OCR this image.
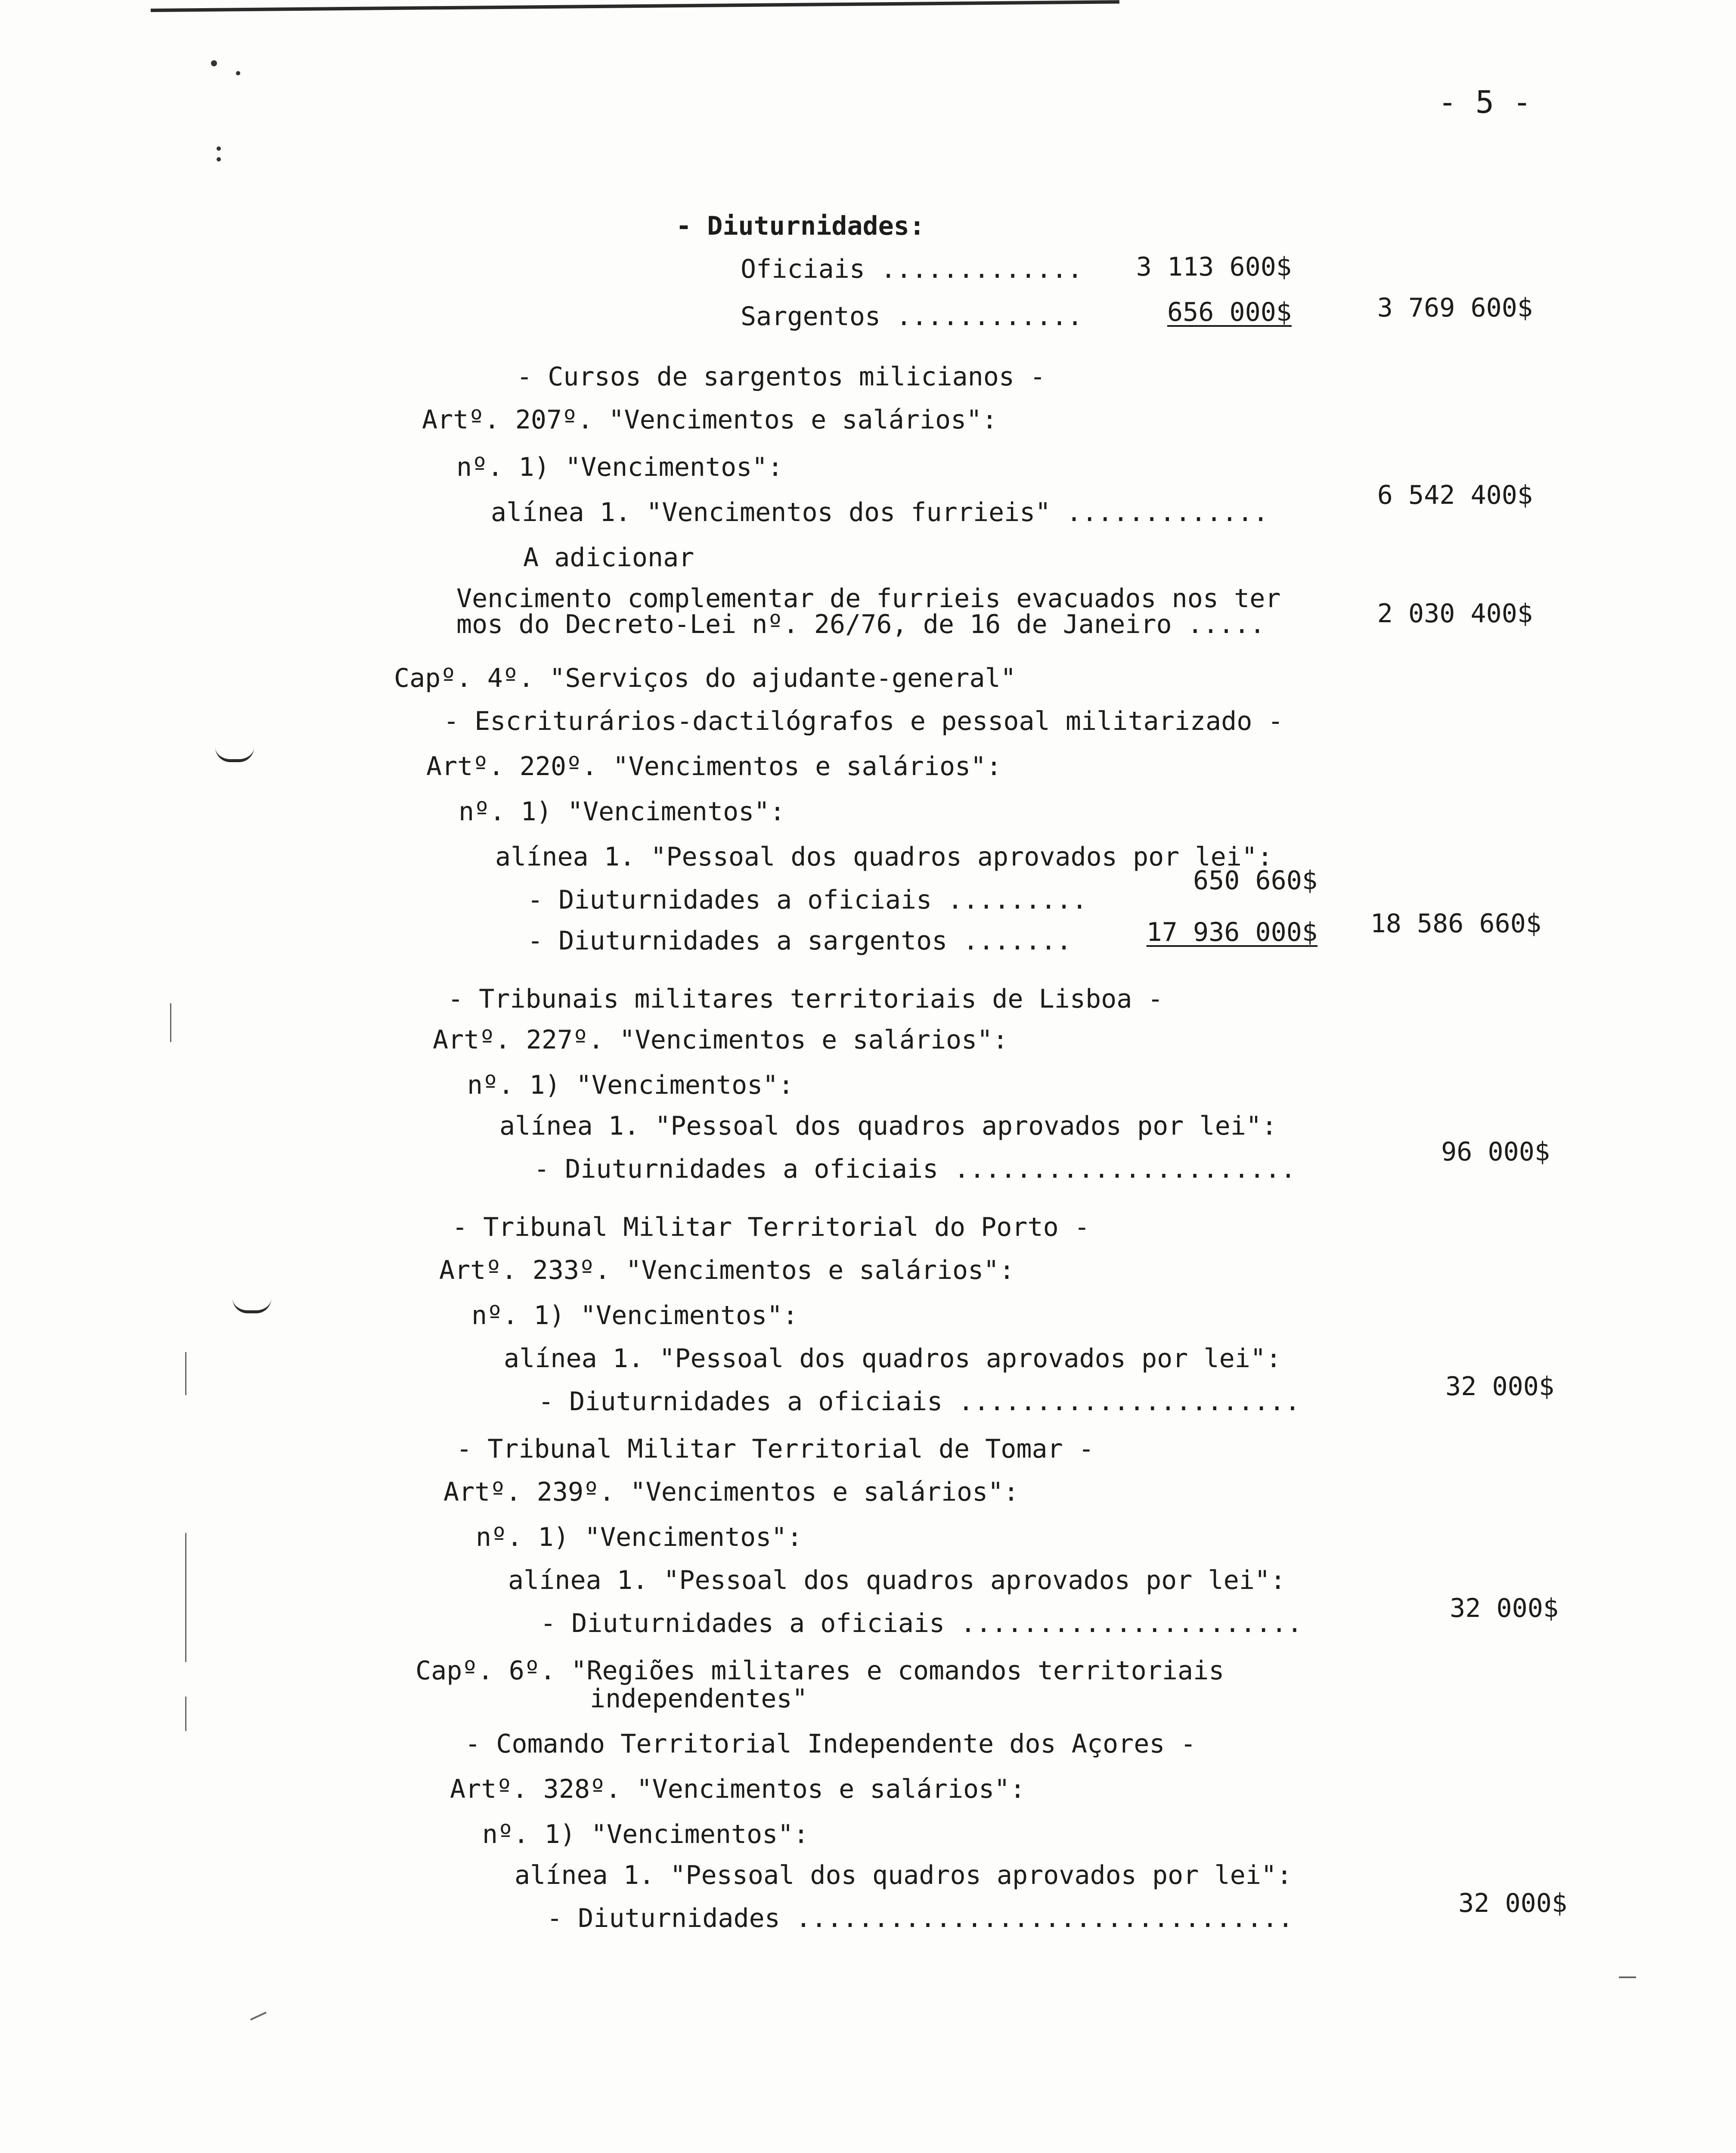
- 5 -
- Diuturnidades:
Oficiais .............
Sargentos ............
- Cursos de sargentos milicianos -
Artº. 207º. "Vencimentos e salários":
nº. 1) "Vencimentos":
alínea 1. "Vencimentos dos furrieis" .............
A adicionar
Vencimento complementar de furrieis evacuados nos ter
mos do Decreto-Lei nº. 26/76, de 16 de Janeiro .....
Capº. 4º. "Serviços do ajudante-general"
- Escriturários-dactilógrafos e pessoal militarizado -
Artº. 220º. "Vencimentos e salários":
nº. 1) "Vencimentos":
alínea 1. "Pessoal dos quadros aprovados por lei":
- Diuturnidades a oficiais .........
- Diuturnidades a sargentos .......
- Tribunais militares territoriais de Lisboa -
Artº. 227º. "Vencimentos e salários":
nº. 1) "Vencimentos":
alínea 1. "Pessoal dos quadros aprovados por lei":
- Diuturnidades a oficiais ......................
- Tribunal Militar Territorial do Porto -
Artº. 233º. "Vencimentos e salários":
nº. 1) "Vencimentos":
alínea 1. "Pessoal dos quadros aprovados por lei":
- Diuturnidades a oficiais ......................
- Tribunal Militar Territorial de Tomar -
Artº. 239º. "Vencimentos e salários":
nº. 1) "Vencimentos":
alínea 1. "Pessoal dos quadros aprovados por lei":
- Diuturnidades a oficiais ......................
Capº. 6º. "Regiões militares e comandos territoriais
independentes"
- Comando Territorial Independente dos Açores -
Artº. 328º. "Vencimentos e salários":
nº. 1) "Vencimentos":
alínea 1. "Pessoal dos quadros aprovados por lei":
- Diuturnidades ................................
3 113 600$
656 000$	3 769 600$
6 542 400$
2 030 400$
650 660$
17 936 000$	18 586 660$
96 000$
32 000$
32 000$
32 000$
